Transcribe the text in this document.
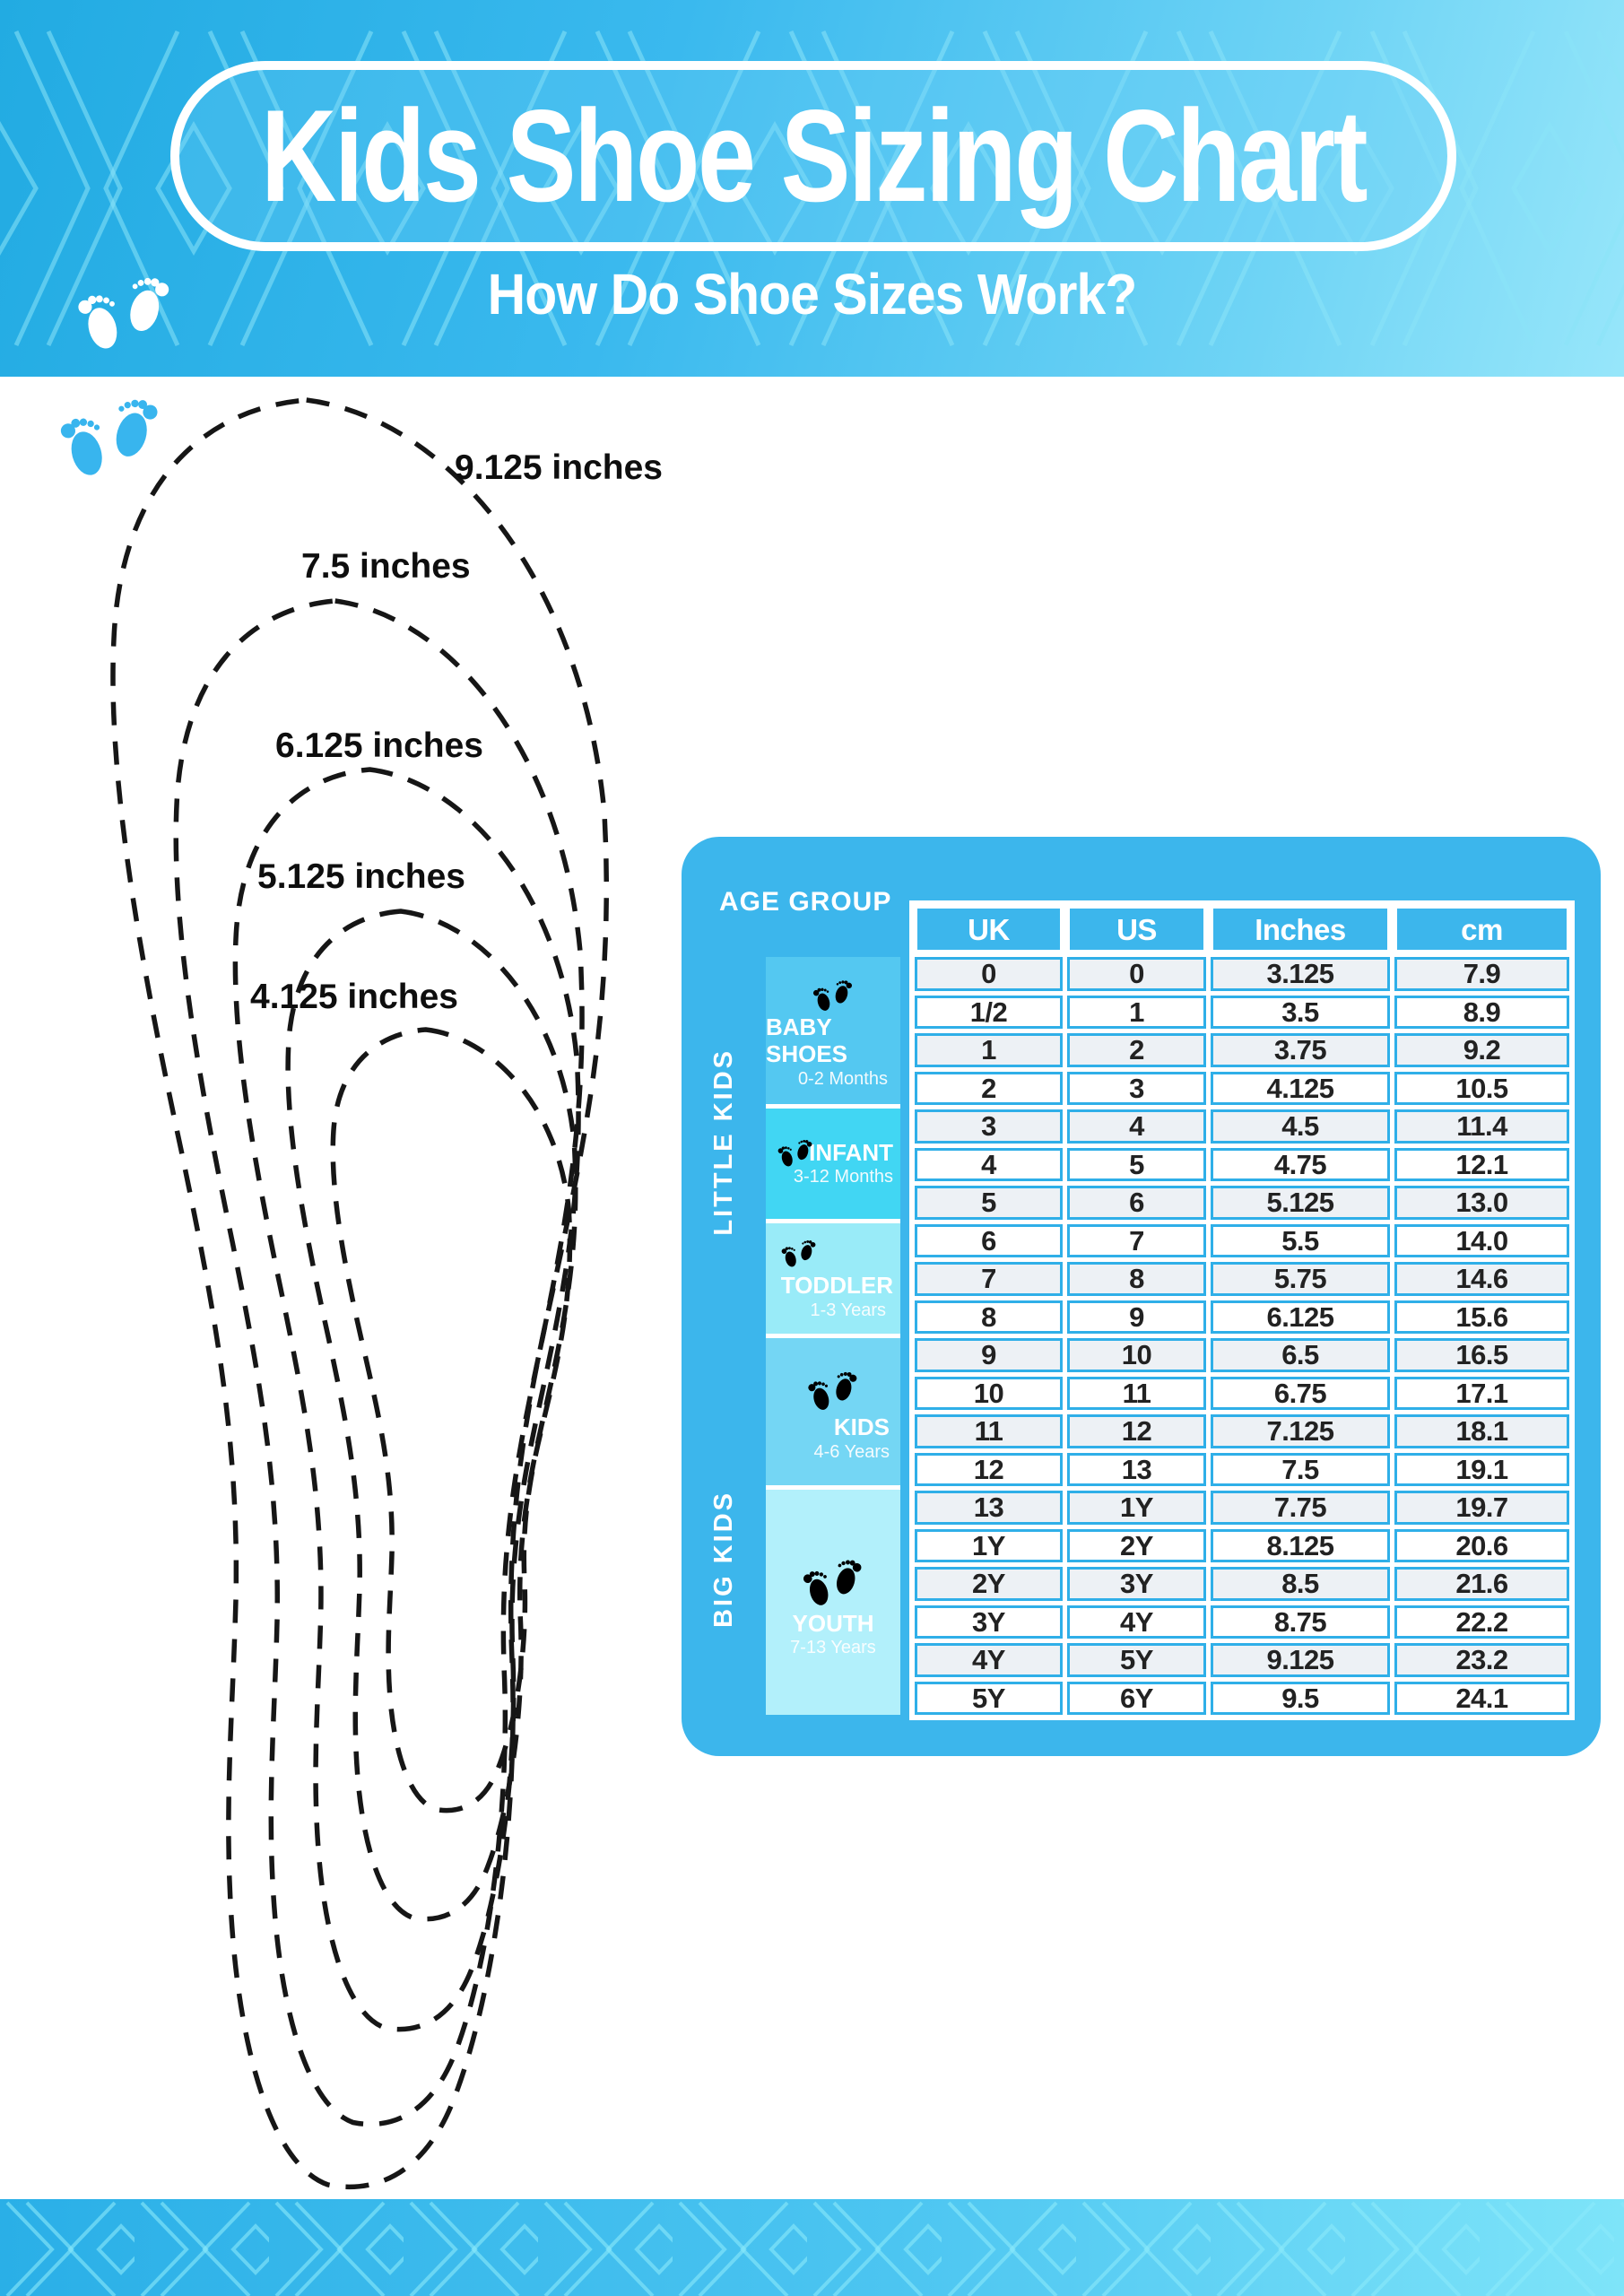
Kids Shoe Sizing Chart
How Do Shoe Sizes Work?
9.125 inches
7.5 inches
6.125 inches
5.125 inches
4.125 inches
AGE GROUP
LITTLE KIDS
BIG KIDS
BABY SHOES
0-2 Months
INFANT
3-12 Months
TODDLER
1-3 Years
KIDS
4-6 Years
YOUTH
7-13 Years
UK	US	Inches	cm
0	0	3.125	7.9
1/2	1	3.5	8.9
1	2	3.75	9.2
2	3	4.125	10.5
3	4	4.5	11.4
4	5	4.75	12.1
5	6	5.125	13.0
6	7	5.5	14.0
7	8	5.75	14.6
8	9	6.125	15.6
9	10	6.5	16.5
10	11	6.75	17.1
11	12	7.125	18.1
12	13	7.5	19.1
13	1Y	7.75	19.7
1Y	2Y	8.125	20.6
2Y	3Y	8.5	21.6
3Y	4Y	8.75	22.2
4Y	5Y	9.125	23.2
5Y	6Y	9.5	24.1
